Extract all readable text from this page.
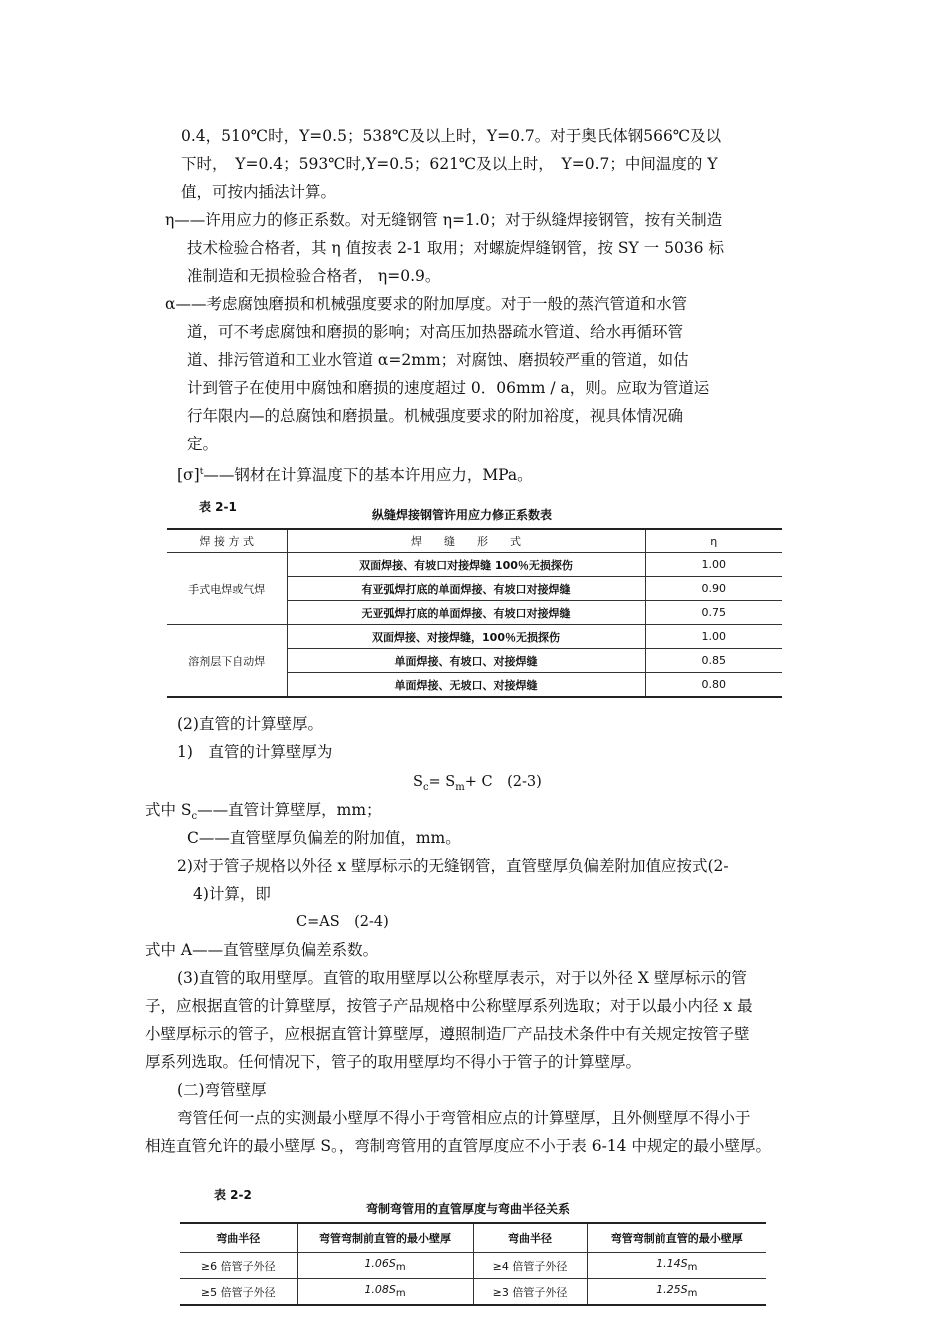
0.4，510℃时，Y=0.5；538℃及以上时，Y=0.7。对于奥氏体钢566℃及以
下时，　Y=0.4；593℃时,Y=0.5；621℃及以上时，　Y=0.7；中间温度的 Y
值，可按内插法计算。
η——许用应力的修正系数。对无缝钢管 η=1.0；对于纵缝焊接钢管，按有关制造
技术检验合格者，其 η 值按表 2-1 取用；对螺旋焊缝钢管，按 SY 一 5036 标
准制造和无损检验合格者， η=0.9。
α——考虑腐蚀磨损和机械强度要求的附加厚度。对于一般的蒸汽管道和水管
道，可不考虑腐蚀和磨损的影响；对高压加热器疏水管道、给水再循环管
道、排污管道和工业水管道 α=2mm；对腐蚀、磨损较严重的管道，如估
计到管子在使用中腐蚀和磨损的速度超过 0．06mm / a，则。应取为管道运
行年限内—的总腐蚀和磨损量。机械强度要求的附加裕度，视具体情况确
定。
$[\sigma]^t——$钢材在计算温度下的基本许用应力，MPa。
表 2-1
纵缝焊接钢管许用应力修正系数表
焊 接 方 式	焊　　缝　　形　　式	η
手式电焊或气焊	双面焊接、有坡口对接焊缝 100％无损探伤	1.00
	有亚弧焊打底的单面焊接、有坡口对接焊缝	0.90
	无亚弧焊打底的单面焊接、有坡口对接焊缝	0.75
溶剂层下自动焊	双面焊接、对接焊缝，100％无损探伤	1.00
	单面焊接、有坡口、对接焊缝	0.85
	单面焊接、无坡口、对接焊缝	0.80
(2)直管的计算壁厚。
1)　直管的计算壁厚为
$S_c= S_m+ C$　(2-3)
式中 $S_c——$直管计算壁厚，mm；
C——直管壁厚负偏差的附加值，mm。
2)对于管子规格以外径 x 壁厚标示的无缝钢管，直管壁厚负偏差附加值应按式(2-
4)计算，即
C=AS　(2-4)
式中 A——直管壁厚负偏差系数。
(3)直管的取用壁厚。直管的取用壁厚以公称壁厚表示，对于以外径 X 壁厚标示的管
子，应根据直管的计算壁厚，按管子产品规格中公称壁厚系列选取；对于以最小内径 x 最
小壁厚标示的管子，应根据直管计算壁厚，遵照制造厂产品技术条件中有关规定按管子壁
厚系列选取。任何情况下，管子的取用壁厚均不得小于管子的计算壁厚。
(二)弯管壁厚
弯管任何一点的实测最小壁厚不得小于弯管相应点的计算壁厚，且外侧壁厚不得小于
相连直管允许的最小壁厚 S。，弯制弯管用的直管厚度应不小于表 6-14 中规定的最小壁厚。
表 2-2
弯制弯管用的直管厚度与弯曲半径关系
弯曲半径	弯管弯制前直管的最小壁厚	弯曲半径	弯管弯制前直管的最小壁厚
≥6 倍管子外径	$1.06S_m$	≥4 倍管子外径	$1.14S_m$
≥5 倍管子外径	$1.08S_m$	≥3 倍管子外径	$1.25S_m$
